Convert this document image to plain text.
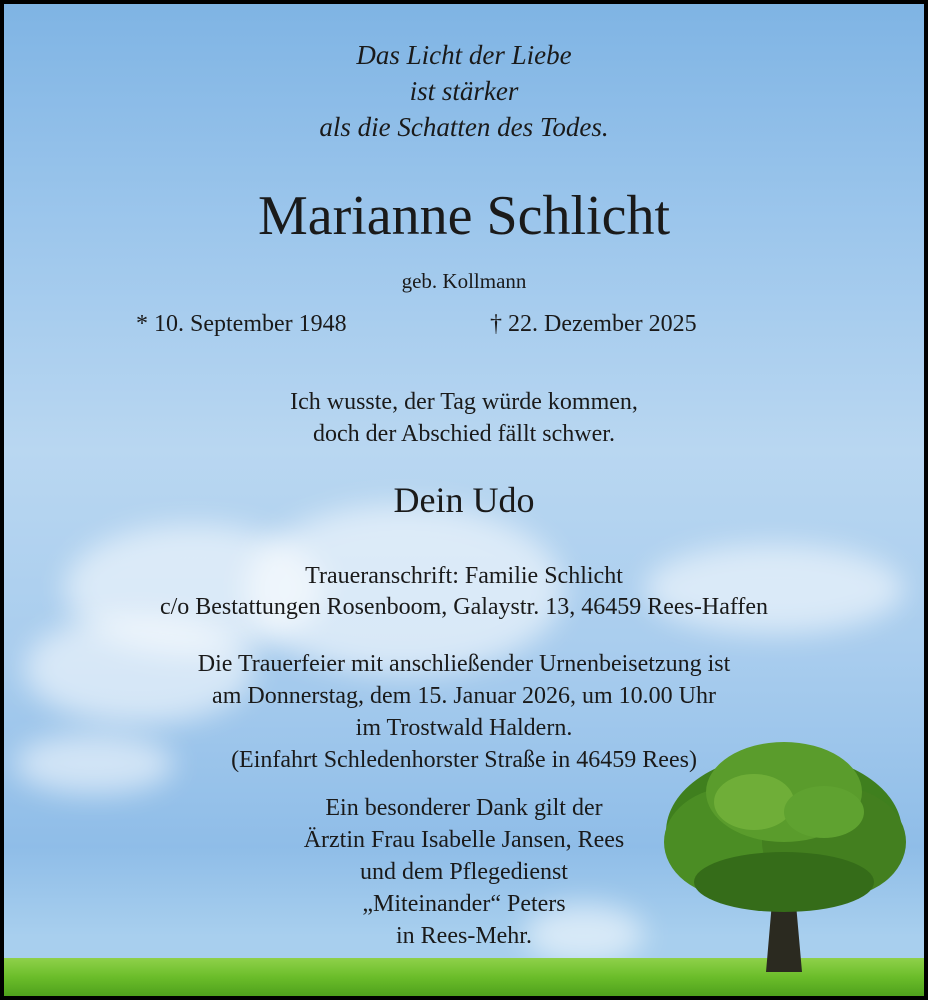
Das Licht der Liebe
ist stärker
als die Schatten des Todes.
Marianne Schlicht
geb. Kollmann
* 10. September 1948	† 22. Dezember 2025
Ich wusste, der Tag würde kommen,
doch der Abschied fällt schwer.
Dein Udo
Traueranschrift: Familie Schlicht
c/o Bestattungen Rosenboom, Galaystr. 13, 46459 Rees-Haffen
Die Trauerfeier mit anschließender Urnenbeisetzung ist
am Donnerstag, dem 15. Januar 2026, um 10.00 Uhr
im Trostwald Haldern.
(Einfahrt Schledenhorster Straße in 46459 Rees)
Ein besonderer Dank gilt der
Ärztin Frau Isabelle Jansen, Rees
und dem Pflegedienst
„Miteinander“ Peters
in Rees-Mehr.
